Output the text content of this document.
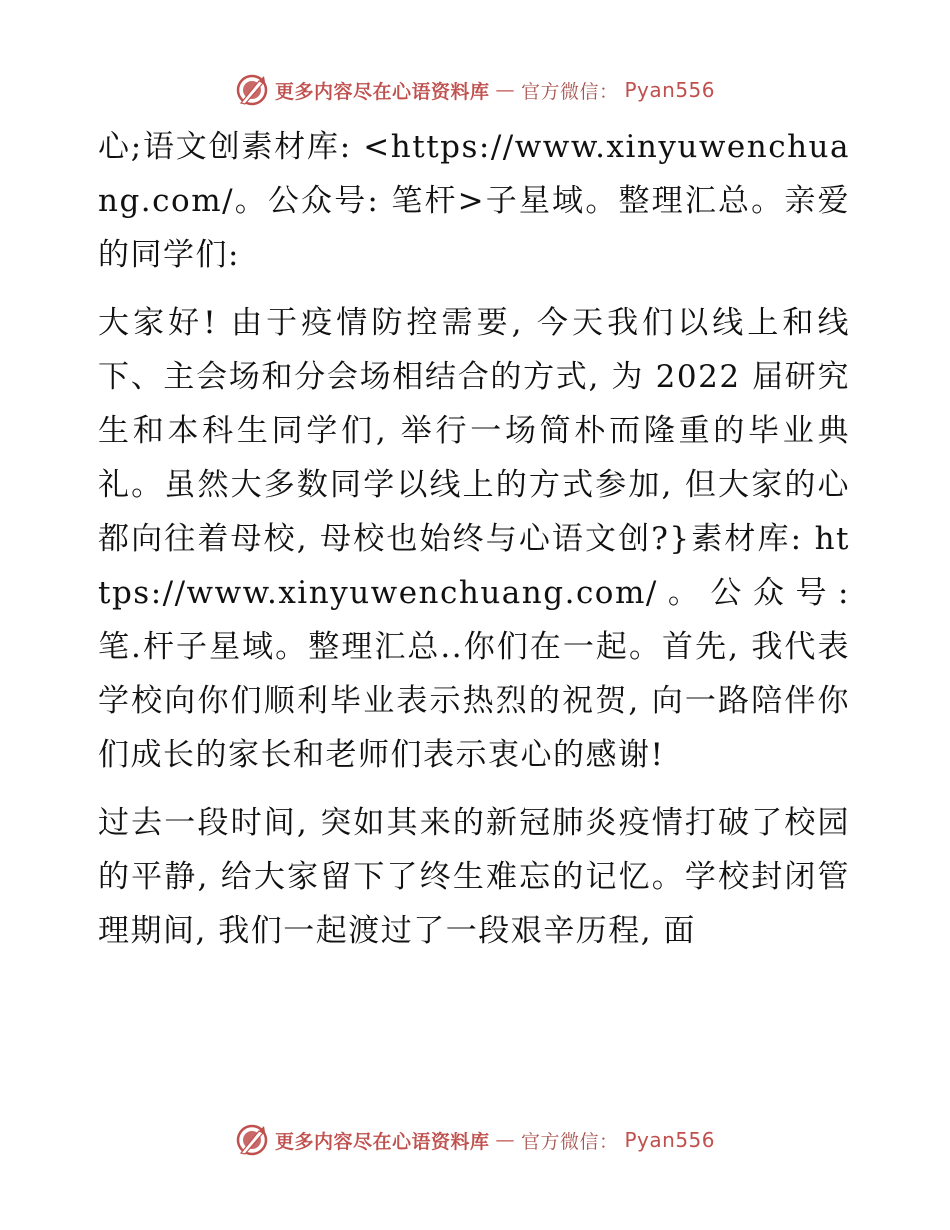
更多内容尽在心语资料库 — 官方微信： Pyan556

心;语文创素材库: <https://www.xinyuwenchuang.com/。公众号: 笔杆>子星域。整理汇总。亲爱的同学们:

大家好! 由于疫情防控需要, 今天我们以线上和线下、主会场和分会场相结合的方式, 为 2022 届研究生和本科生同学们, 举行一场简朴而隆重的毕业典礼。虽然大多数同学以线上的方式参加, 但大家的心都向往着母校, 母校也始终与心语文创?}素材库: https://www.xinyuwenchuang.com/。公众号: 笔.杆子星域。整理汇总..你们在一起。首先, 我代表学校向你们顺利毕业表示热烈的祝贺, 向一路陪伴你们成长的家长和老师们表示衷心的感谢!

过去一段时间, 突如其来的新冠肺炎疫情打破了校园的平静, 给大家留下了终生难忘的记忆。学校封闭管理期间, 我们一起渡过了一段艰辛历程, 面

更多内容尽在心语资料库 — 官方微信： Pyan556
